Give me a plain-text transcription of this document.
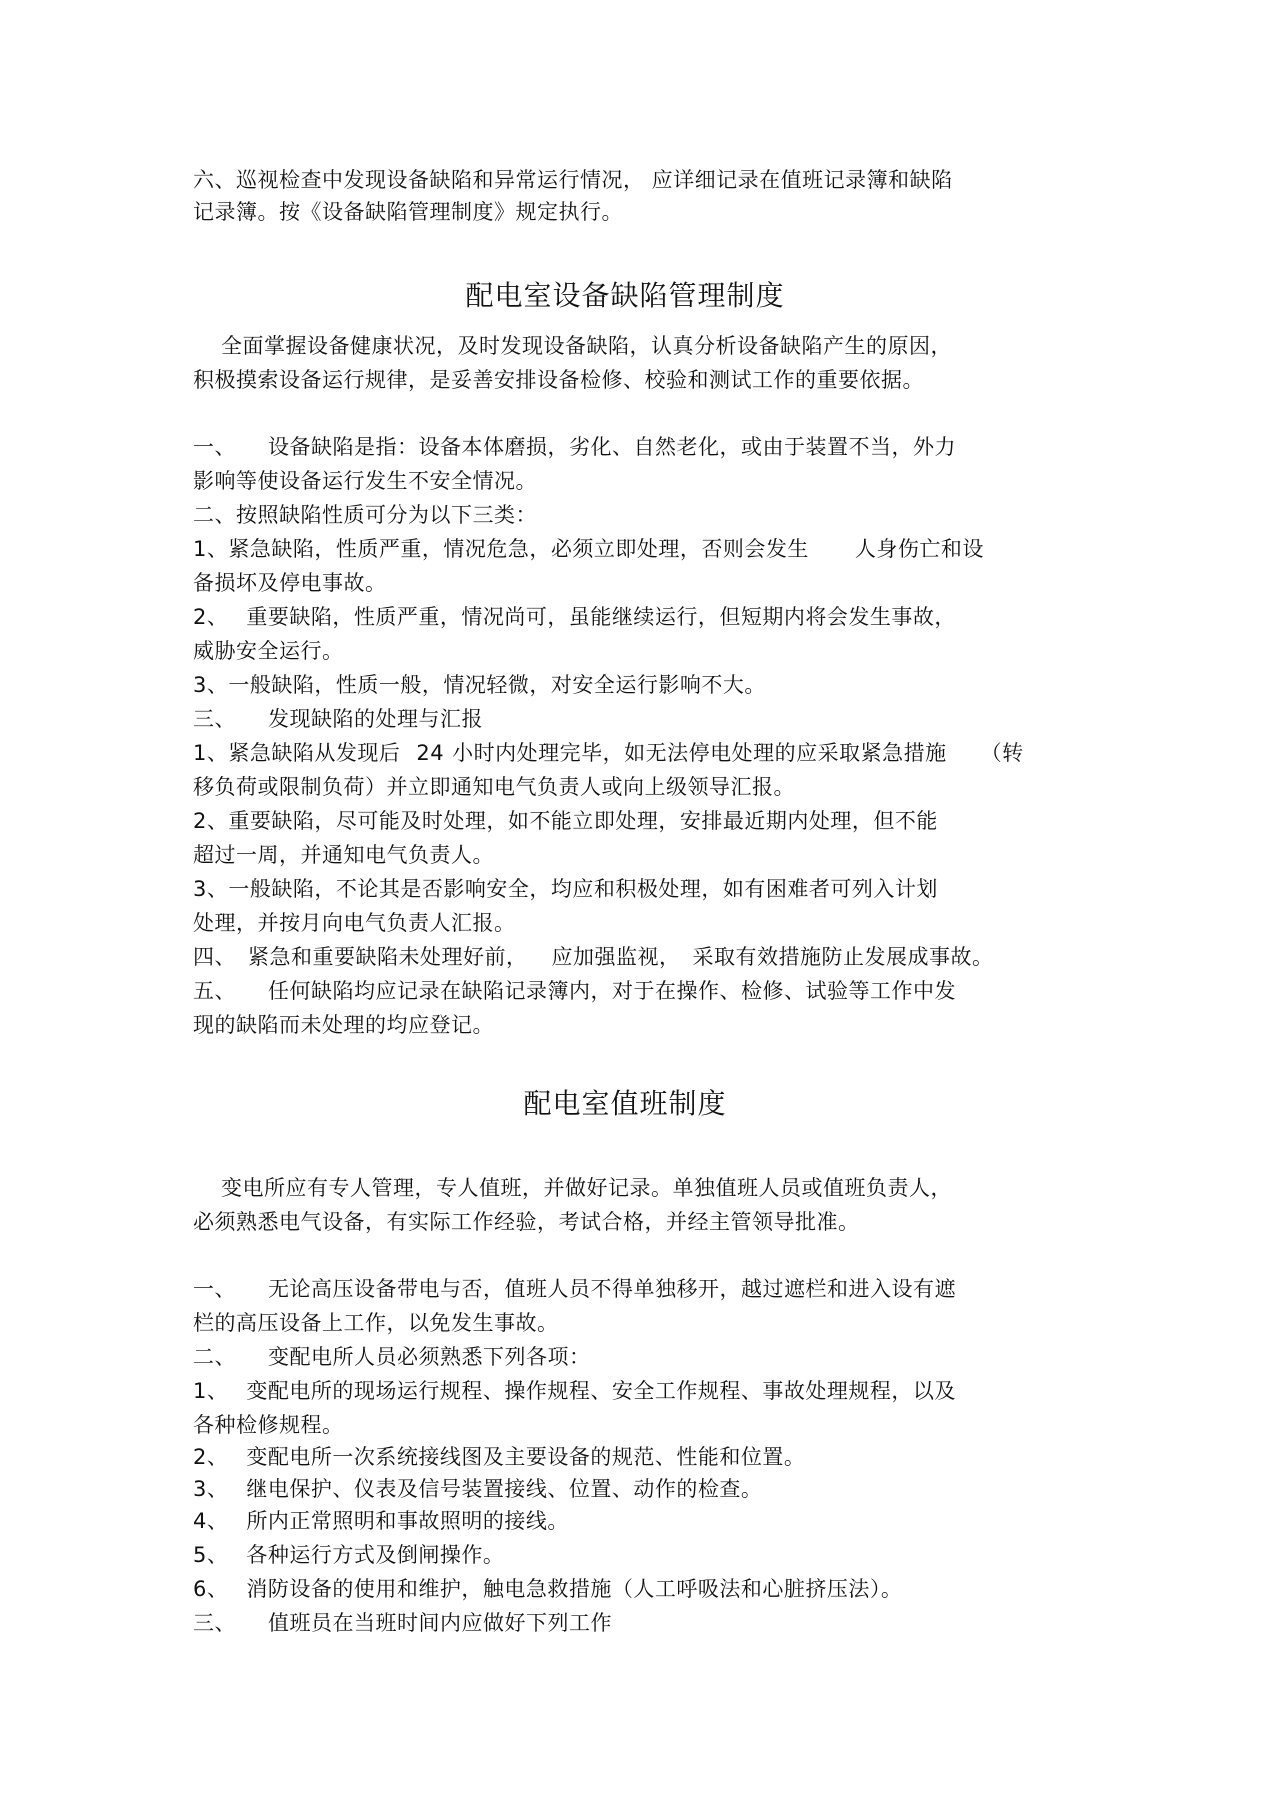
六、巡视检查中发现设备缺陷和异常运行情况， 应详细记录在值班记录簿和缺陷
记录簿。按《设备缺陷管理制度》规定执行。
配电室设备缺陷管理制度
全面掌握设备健康状况，及时发现设备缺陷，认真分析设备缺陷产生的原因，
积极摸索设备运行规律，是妥善安排设备检修、校验和测试工作的重要依据。
一、 设备缺陷是指：设备本体磨损，劣化、自然老化，或由于装置不当，外力
影响等使设备运行发生不安全情况。
二、按照缺陷性质可分为以下三类：
1、紧急缺陷，性质严重，情况危急，必须立即处理，否则会发生 人身伤亡和设
备损坏及停电事故。
2、 重要缺陷，性质严重，情况尚可，虽能继续运行，但短期内将会发生事故，
威胁安全运行。
3、一般缺陷，性质一般，情况轻微，对安全运行影响不大。
三、 发现缺陷的处理与汇报
1、紧急缺陷从发现后 24 小时内处理完毕，如无法停电处理的应采取紧急措施 （转
移负荷或限制负荷）并立即通知电气负责人或向上级领导汇报。
2、重要缺陷，尽可能及时处理，如不能立即处理，安排最近期内处理，但不能
超过一周，并通知电气负责人。
3、一般缺陷，不论其是否影响安全，均应和积极处理，如有困难者可列入计划
处理，并按月向电气负责人汇报。
四、 紧急和重要缺陷未处理好前， 应加强监视， 采取有效措施防止发展成事故。
五、 任何缺陷均应记录在缺陷记录簿内，对于在操作、检修、试验等工作中发
现的缺陷而未处理的均应登记。
配电室值班制度
变电所应有专人管理，专人值班，并做好记录。单独值班人员或值班负责人，
必须熟悉电气设备，有实际工作经验，考试合格，并经主管领导批准。
一、 无论高压设备带电与否，值班人员不得单独移开，越过遮栏和进入设有遮
栏的高压设备上工作，以免发生事故。
二、 变配电所人员必须熟悉下列各项：
1、 变配电所的现场运行规程、操作规程、安全工作规程、事故处理规程，以及
各种检修规程。
2、 变配电所一次系统接线图及主要设备的规范、性能和位置。
3、 继电保护、仪表及信号装置接线、位置、动作的检查。
4、 所内正常照明和事故照明的接线。
5、 各种运行方式及倒闸操作。
6、 消防设备的使用和维护，触电急救措施（人工呼吸法和心脏挤压法）。
三、 值班员在当班时间内应做好下列工作
